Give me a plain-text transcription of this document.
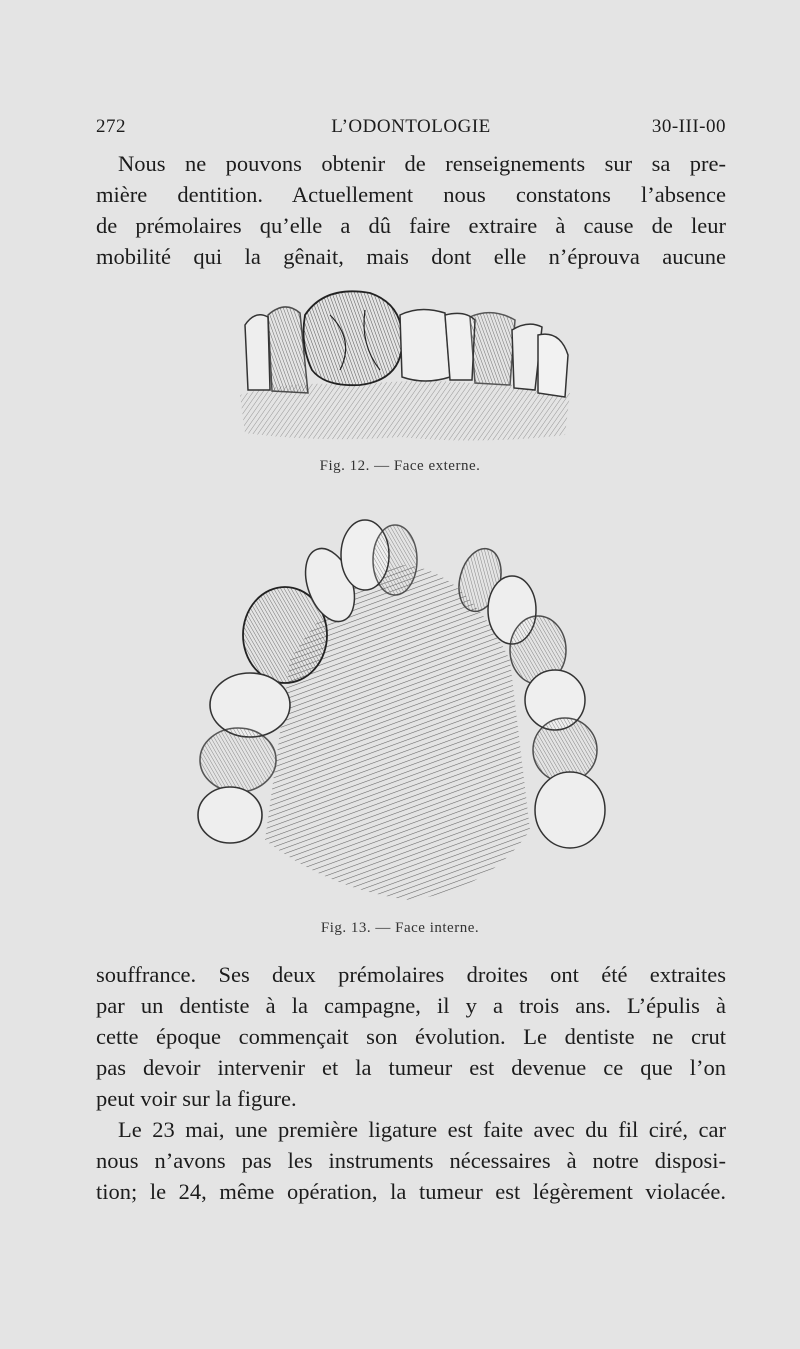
272	L’ODONTOLOGIE	30-III-00
Nous ne pouvons obtenir de renseignements sur sa pre-
mière dentition. Actuellement nous constatons l’absence
de prémolaires qu’elle a dû faire extraire à cause de leur
mobilité qui la gênait, mais dont elle n’éprouva aucune
Fig. 12. — Face externe.
Fig. 13. — Face interne.
souffrance. Ses deux prémolaires droites ont été extraites
par un dentiste à la campagne, il y a trois ans. L’épulis à
cette époque commençait son évolution. Le dentiste ne crut
pas devoir intervenir et la tumeur est devenue ce que l’on
peut voir sur la figure.
Le 23 mai, une première ligature est faite avec du fil ciré, car
nous n’avons pas les instruments nécessaires à notre disposi-
tion; le 24, même opération, la tumeur est légèrement violacée.
